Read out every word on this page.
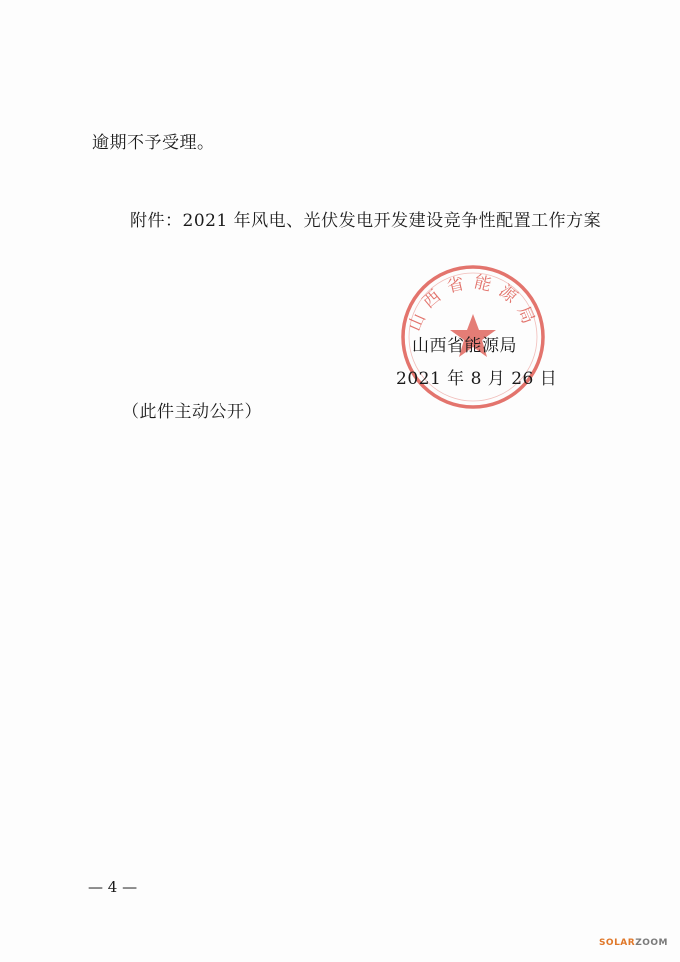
逾期不予受理。
附件：2021 年风电、光伏发电开发建设竞争性配置工作方案
山西省能源局
山西省能源局
2021 年 8 月 26 日
（此件主动公开）
— 4 —
SOLARZOOM
